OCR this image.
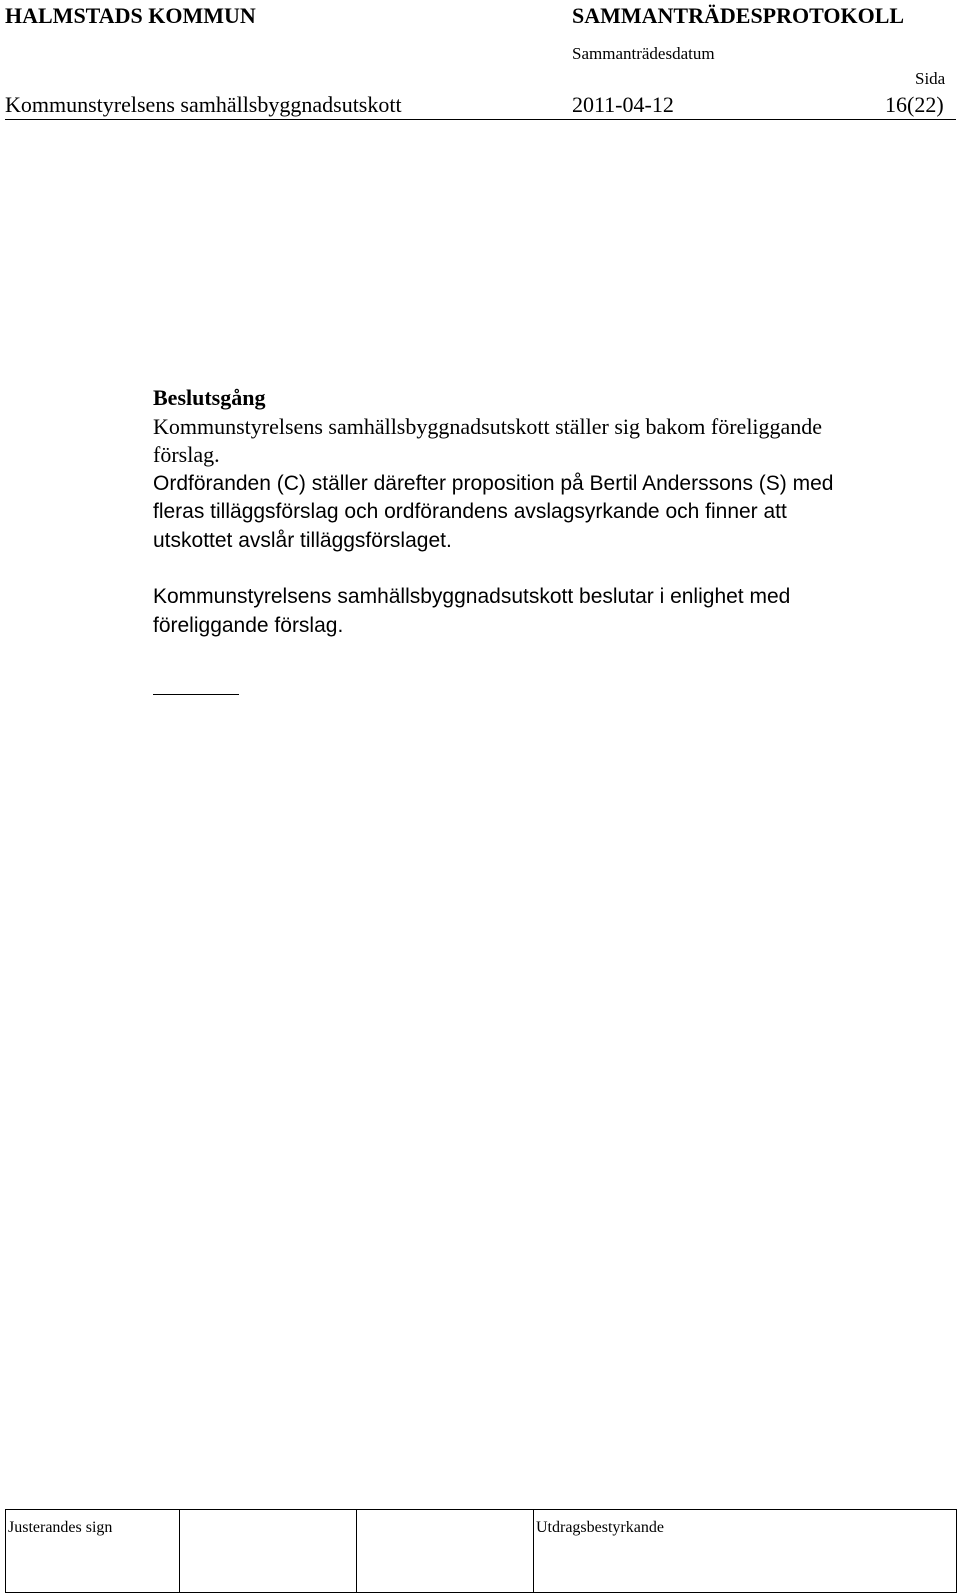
HALMSTADS KOMMUN	SAMMANTRÄDESPROTOKOLL
Sammanträdesdatum
Sida
Kommunstyrelsens samhällsbyggnadsutskott	2011-04-12	16(22)
Beslutsgång

Kommunstyrelsens samhällsbyggnadsutskott ställer sig bakom föreliggande
förslag.

Ordföranden (C) ställer därefter proposition på Bertil Anderssons (S) med
fleras tilläggsförslag och ordförandens avslagsyrkande och finner att
utskottet avslår tilläggsförslaget.

Kommunstyrelsens samhällsbyggnadsutskott beslutar i enlighet med
föreliggande förslag.

Justerandes sign			Utdragsbestyrkande
